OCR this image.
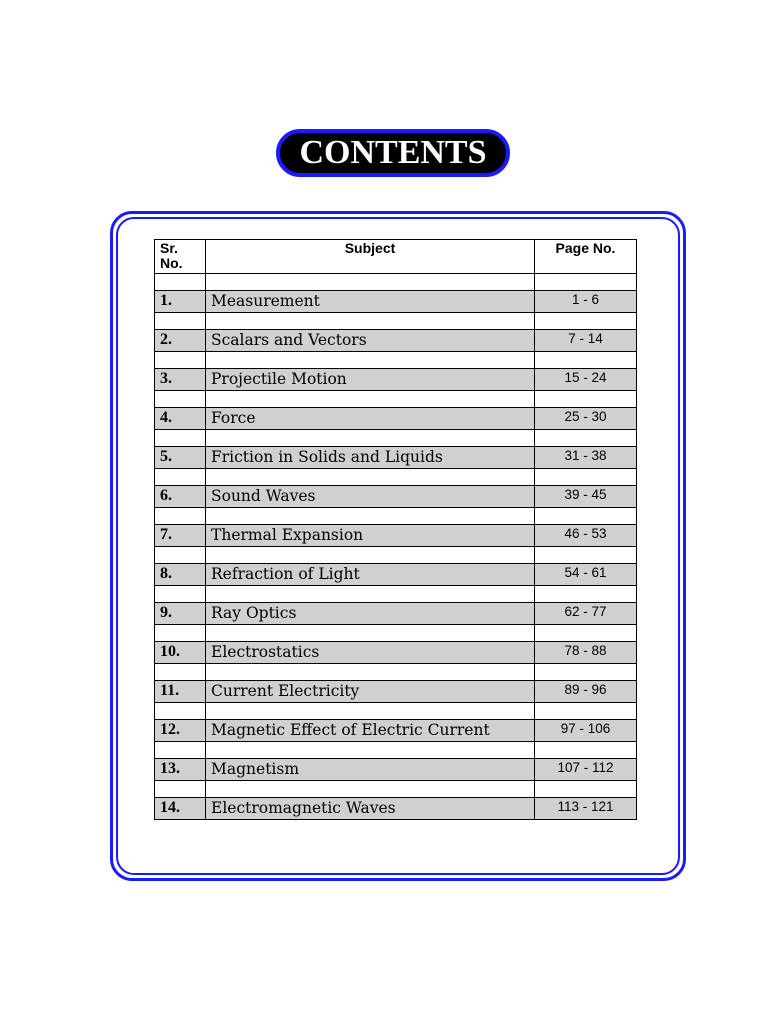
CONTENTS
Sr.
No.	Subject	Page No.

1.	Measurement	1 - 6

2.	Scalars and Vectors	7 - 14

3.	Projectile Motion	15 - 24

4.	Force	25 - 30

5.	Friction in Solids and Liquids	31 - 38

6.	Sound Waves	39 - 45

7.	Thermal Expansion	46 - 53

8.	Refraction of Light	54 - 61

9.	Ray Optics	62 - 77

10.	Electrostatics	78 - 88

11.	Current Electricity	89 - 96

12.	Magnetic Effect of Electric Current	97 - 106

13.	Magnetism	107 - 112

14.	Electromagnetic Waves	113 - 121
